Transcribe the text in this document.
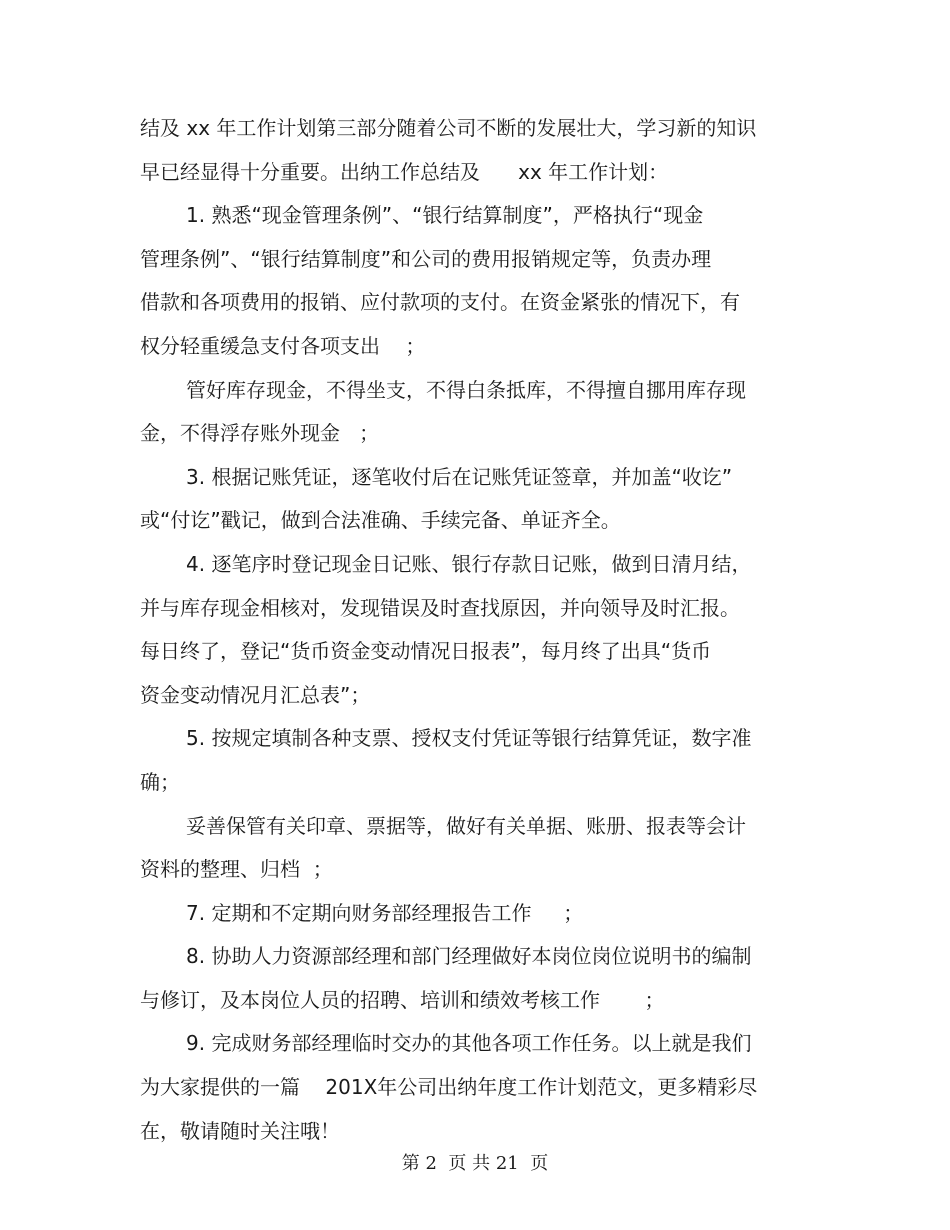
结及 xx 年工作计划第三部分随着公司不断的发展壮大，学习新的知识
早已经显得十分重要。出纳工作总结及      xx 年工作计划：
1. 熟悉“现金管理条例”、“银行结算制度”，严格执行“现金
管理条例”、“银行结算制度”和公司的费用报销规定等，负责办理
借款和各项费用的报销、应付款项的支付。在资金紧张的情况下，有
权分轻重缓急支付各项支出    ；
管好库存现金，不得坐支，不得白条抵库，不得擅自挪用库存现
金，不得浮存账外现金   ；
3. 根据记账凭证，逐笔收付后在记账凭证签章，并加盖“收讫”
或“付讫”戳记，做到合法准确、手续完备、单证齐全。
4. 逐笔序时登记现金日记账、银行存款日记账，做到日清月结，
并与库存现金相核对，发现错误及时查找原因，并向领导及时汇报。
每日终了，登记“货币资金变动情况日报表”，每月终了出具“货币
资金变动情况月汇总表”；
5. 按规定填制各种支票、授权支付凭证等银行结算凭证，数字准
确；
妥善保管有关印章、票据等，做好有关单据、账册、报表等会计
资料的整理、归档  ；
7. 定期和不定期向财务部经理报告工作     ；
8. 协助人力资源部经理和部门经理做好本岗位岗位说明书的编制
与修订，及本岗位人员的招聘、培训和绩效考核工作       ；
9. 完成财务部经理临时交办的其他各项工作任务。以上就是我们
为大家提供的一篇    201X年公司出纳年度工作计划范文，更多精彩尽
在，敬请随时关注哦！
第 2  页 共 21  页
